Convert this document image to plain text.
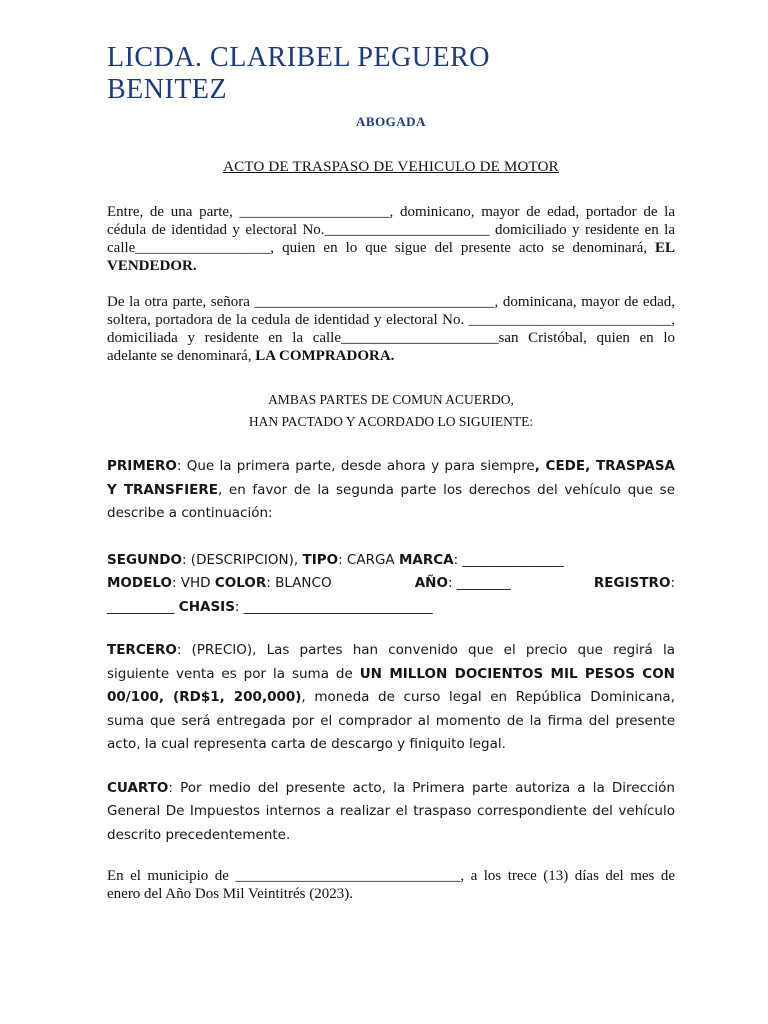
LICDA. CLARIBEL PEGUERO
BENITEZ
ABOGADA
ACTO DE TRASPASO DE VEHICULO DE MOTOR

Entre, de una parte, ____________________, dominicano, mayor de edad, portador de la cédula de identidad y electoral No.______________________ domiciliado y residente en la calle__________________, quien en lo que sigue del presente acto se denominará, EL VENDEDOR.

De la otra parte, señora ________________________________, dominicana, mayor de edad, soltera, portadora de la cedula de identidad y electoral No. ___________________________, domiciliada y residente en la calle_____________________san Cristóbal, quien en lo adelante se denominará, LA COMPRADORA.

AMBAS PARTES DE COMUN ACUERDO,
HAN PACTADO Y ACORDADO LO SIGUIENTE:

PRIMERO: Que la primera parte, desde ahora y para siempre, CEDE, TRASPASA Y TRANSFIERE, en favor de la segunda parte los derechos del vehículo que se describe a continuación:

SEGUNDO: (DESCRIPCION), TIPO: CARGA MARCA: _______________
MODELO: VHD COLOR: BLANCO	AÑO: ________	REGISTRO:
__________ CHASIS: ____________________________

TERCERO: (PRECIO), Las partes han convenido que el precio que regirá la siguiente venta es por la suma de UN MILLON DOCIENTOS MIL PESOS CON 00/100, (RD$1, 200,000), moneda de curso legal en República Dominicana, suma que será entregada por el comprador al momento de la firma del presente acto, la cual representa carta de descargo y finiquito legal.

CUARTO: Por medio del presente acto, la Primera parte autoriza a la Dirección General De Impuestos internos a realizar el traspaso correspondiente del vehículo descrito precedentemente.

En el municipio de ______________________________, a los trece (13) días del mes de enero del Año Dos Mil Veintitrés (2023).
